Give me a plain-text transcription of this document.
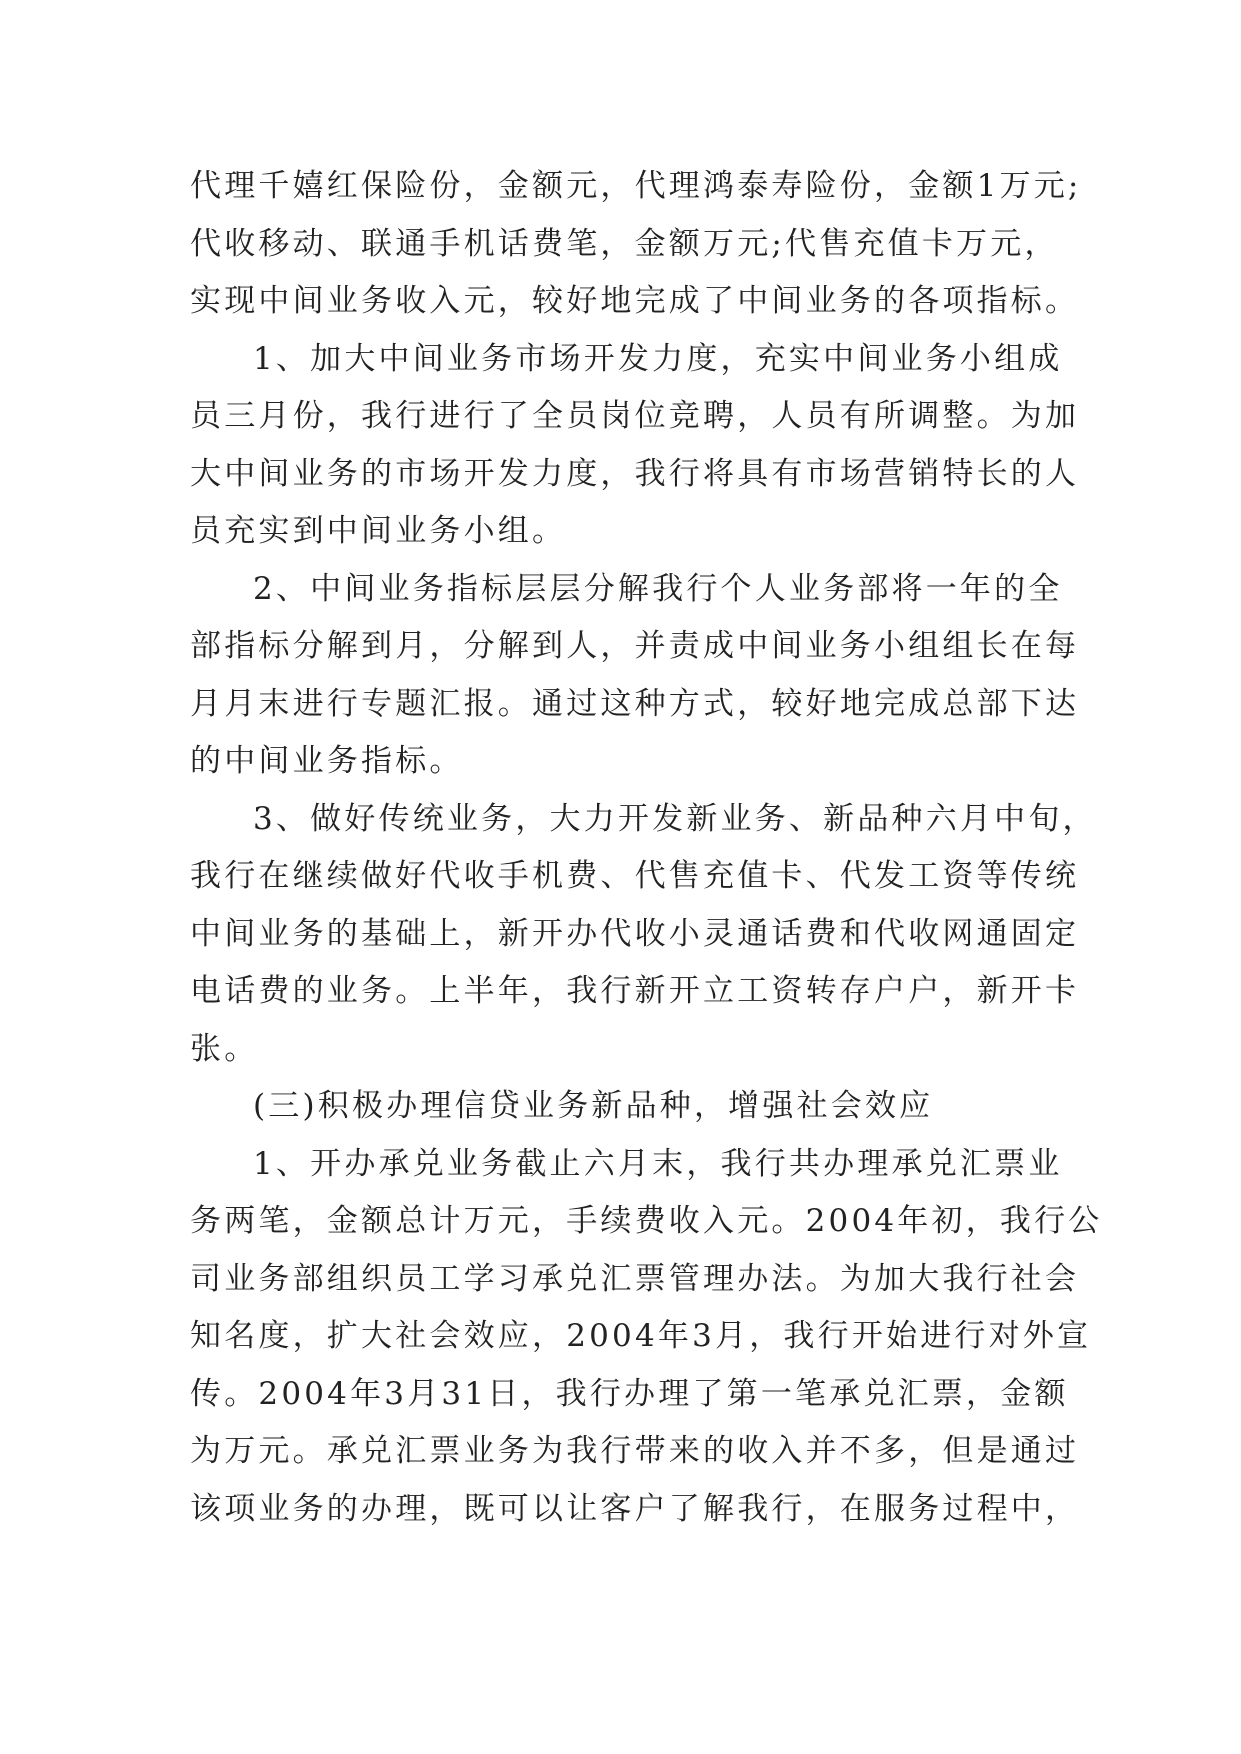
代理千嬉红保险份，金额元，代理鸿泰寿险份，金额1万元;
代收移动、联通手机话费笔，金额万元;代售充值卡万元，
实现中间业务收入元，较好地完成了中间业务的各项指标。
1、加大中间业务市场开发力度，充实中间业务小组成
员三月份，我行进行了全员岗位竞聘，人员有所调整。为加
大中间业务的市场开发力度，我行将具有市场营销特长的人
员充实到中间业务小组。
2、中间业务指标层层分解我行个人业务部将一年的全
部指标分解到月，分解到人，并责成中间业务小组组长在每
月月末进行专题汇报。通过这种方式，较好地完成总部下达
的中间业务指标。
3、做好传统业务，大力开发新业务、新品种六月中旬，
我行在继续做好代收手机费、代售充值卡、代发工资等传统
中间业务的基础上，新开办代收小灵通话费和代收网通固定
电话费的业务。上半年，我行新开立工资转存户户，新开卡
张。
(三)积极办理信贷业务新品种，增强社会效应
1、开办承兑业务截止六月末，我行共办理承兑汇票业
务两笔，金额总计万元，手续费收入元。2004年初，我行公
司业务部组织员工学习承兑汇票管理办法。为加大我行社会
知名度，扩大社会效应，2004年3月，我行开始进行对外宣
传。2004年3月31日，我行办理了第一笔承兑汇票，金额
为万元。承兑汇票业务为我行带来的收入并不多，但是通过
该项业务的办理，既可以让客户了解我行，在服务过程中，
